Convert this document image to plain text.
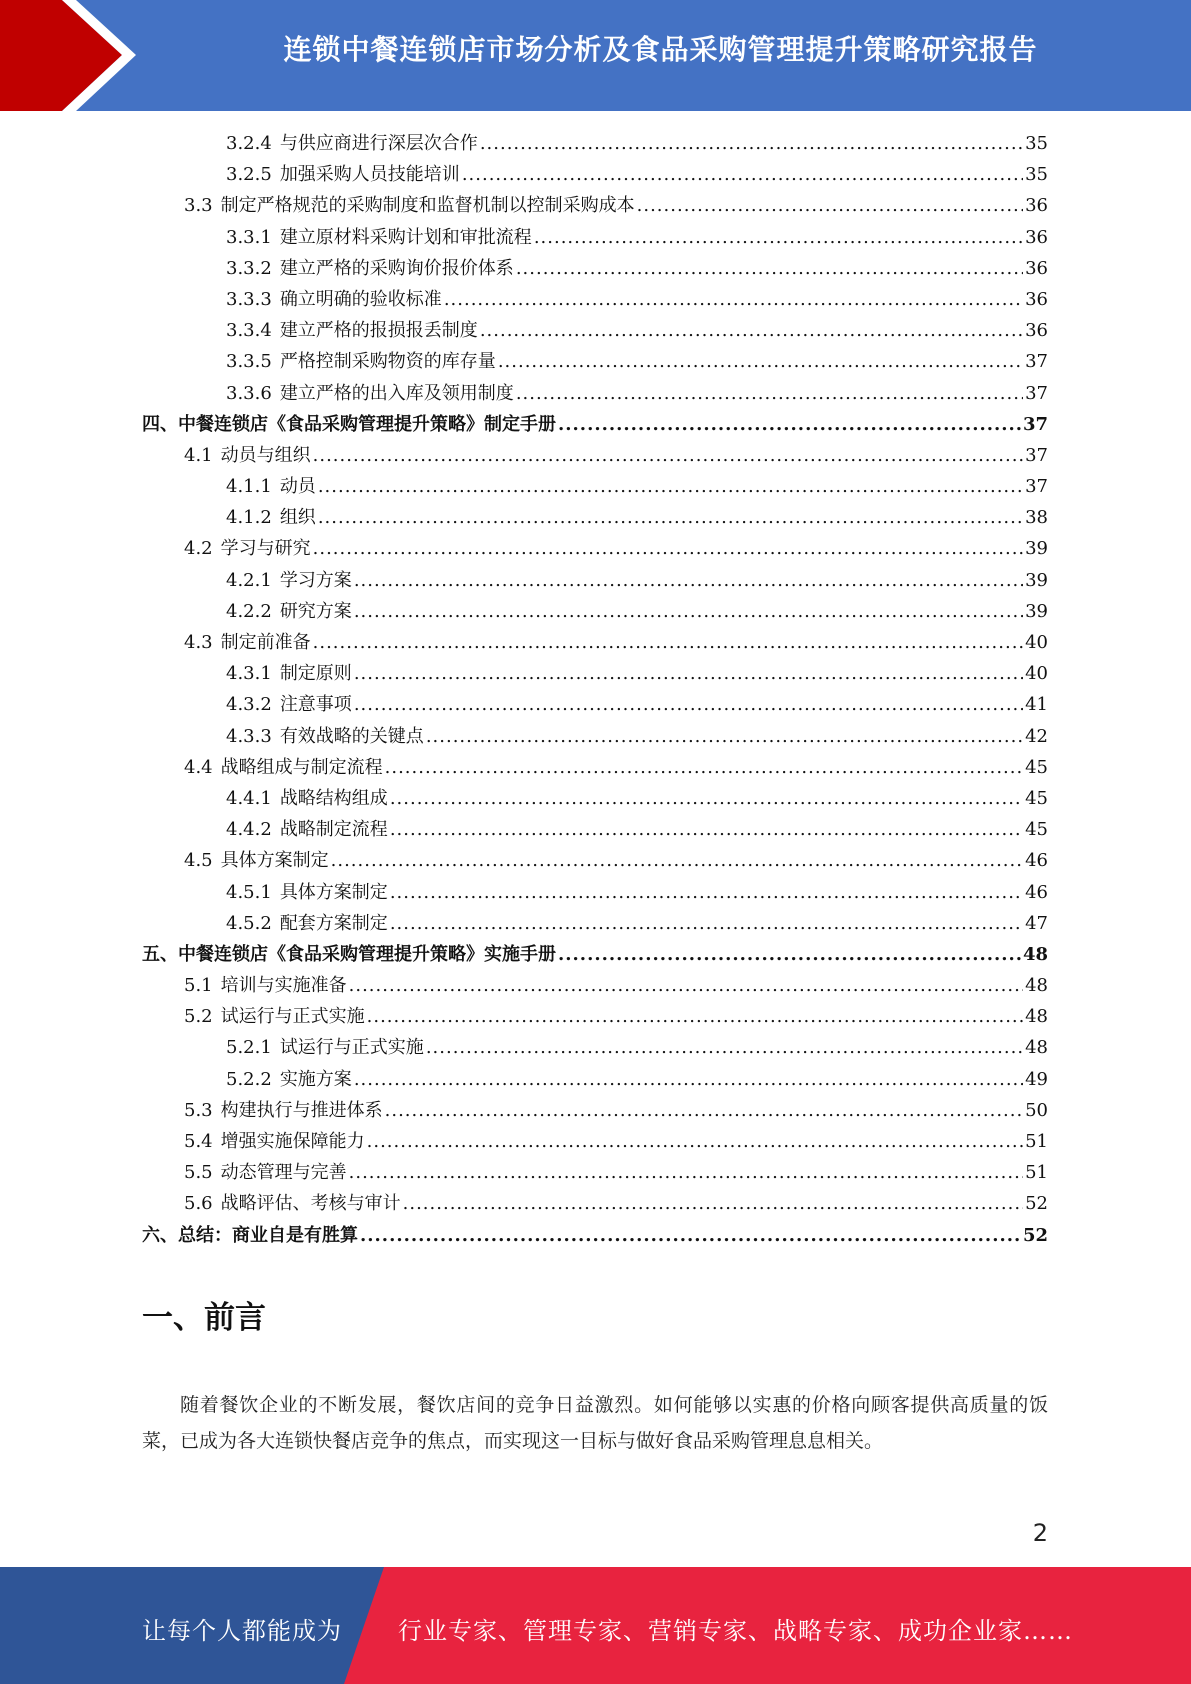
连锁中餐连锁店市场分析及食品采购管理提升策略研究报告
3.2.4 与供应商进行深层次合作 .....	35
3.2.5 加强采购人员技能培训 .....	35
3.3 制定严格规范的采购制度和监督机制以控制采购成本 .....	36
3.3.1 建立原材料采购计划和审批流程 .....	36
3.3.2 建立严格的采购询价报价体系 .....	36
3.3.3 确立明确的验收标准 .....	36
3.3.4 建立严格的报损报丢制度 .....	36
3.3.5 严格控制采购物资的库存量 .....	37
3.3.6 建立严格的出入库及领用制度 .....	37
四、中餐连锁店《食品采购管理提升策略》制定手册 .....	37
4.1 动员与组织 .....	37
4.1.1 动员 .....	37
4.1.2 组织 .....	38
4.2 学习与研究 .....	39
4.2.1 学习方案 .....	39
4.2.2 研究方案 .....	39
4.3 制定前准备 .....	40
4.3.1 制定原则 .....	40
4.3.2 注意事项 .....	41
4.3.3 有效战略的关键点 .....	42
4.4 战略组成与制定流程 .....	45
4.4.1 战略结构组成 .....	45
4.4.2 战略制定流程 .....	45
4.5 具体方案制定 .....	46
4.5.1 具体方案制定 .....	46
4.5.2 配套方案制定 .....	47
五、中餐连锁店《食品采购管理提升策略》实施手册 .....	48
5.1 培训与实施准备 .....	48
5.2 试运行与正式实施 .....	48
5.2.1 试运行与正式实施 .....	48
5.2.2 实施方案 .....	49
5.3 构建执行与推进体系 .....	50
5.4 增强实施保障能力 .....	51
5.5 动态管理与完善 .....	51
5.6 战略评估、考核与审计 .....	52
六、总结：商业自是有胜算 .....	52
一、前言
随着餐饮企业的不断发展，餐饮店间的竞争日益激烈。如何能够以实惠的价格向顾客提供高质量的饭菜，已成为各大连锁快餐店竞争的焦点，而实现这一目标与做好食品采购管理息息相关。
2
让每个人都能成为 行业专家、管理专家、营销专家、战略专家、成功企业家……
